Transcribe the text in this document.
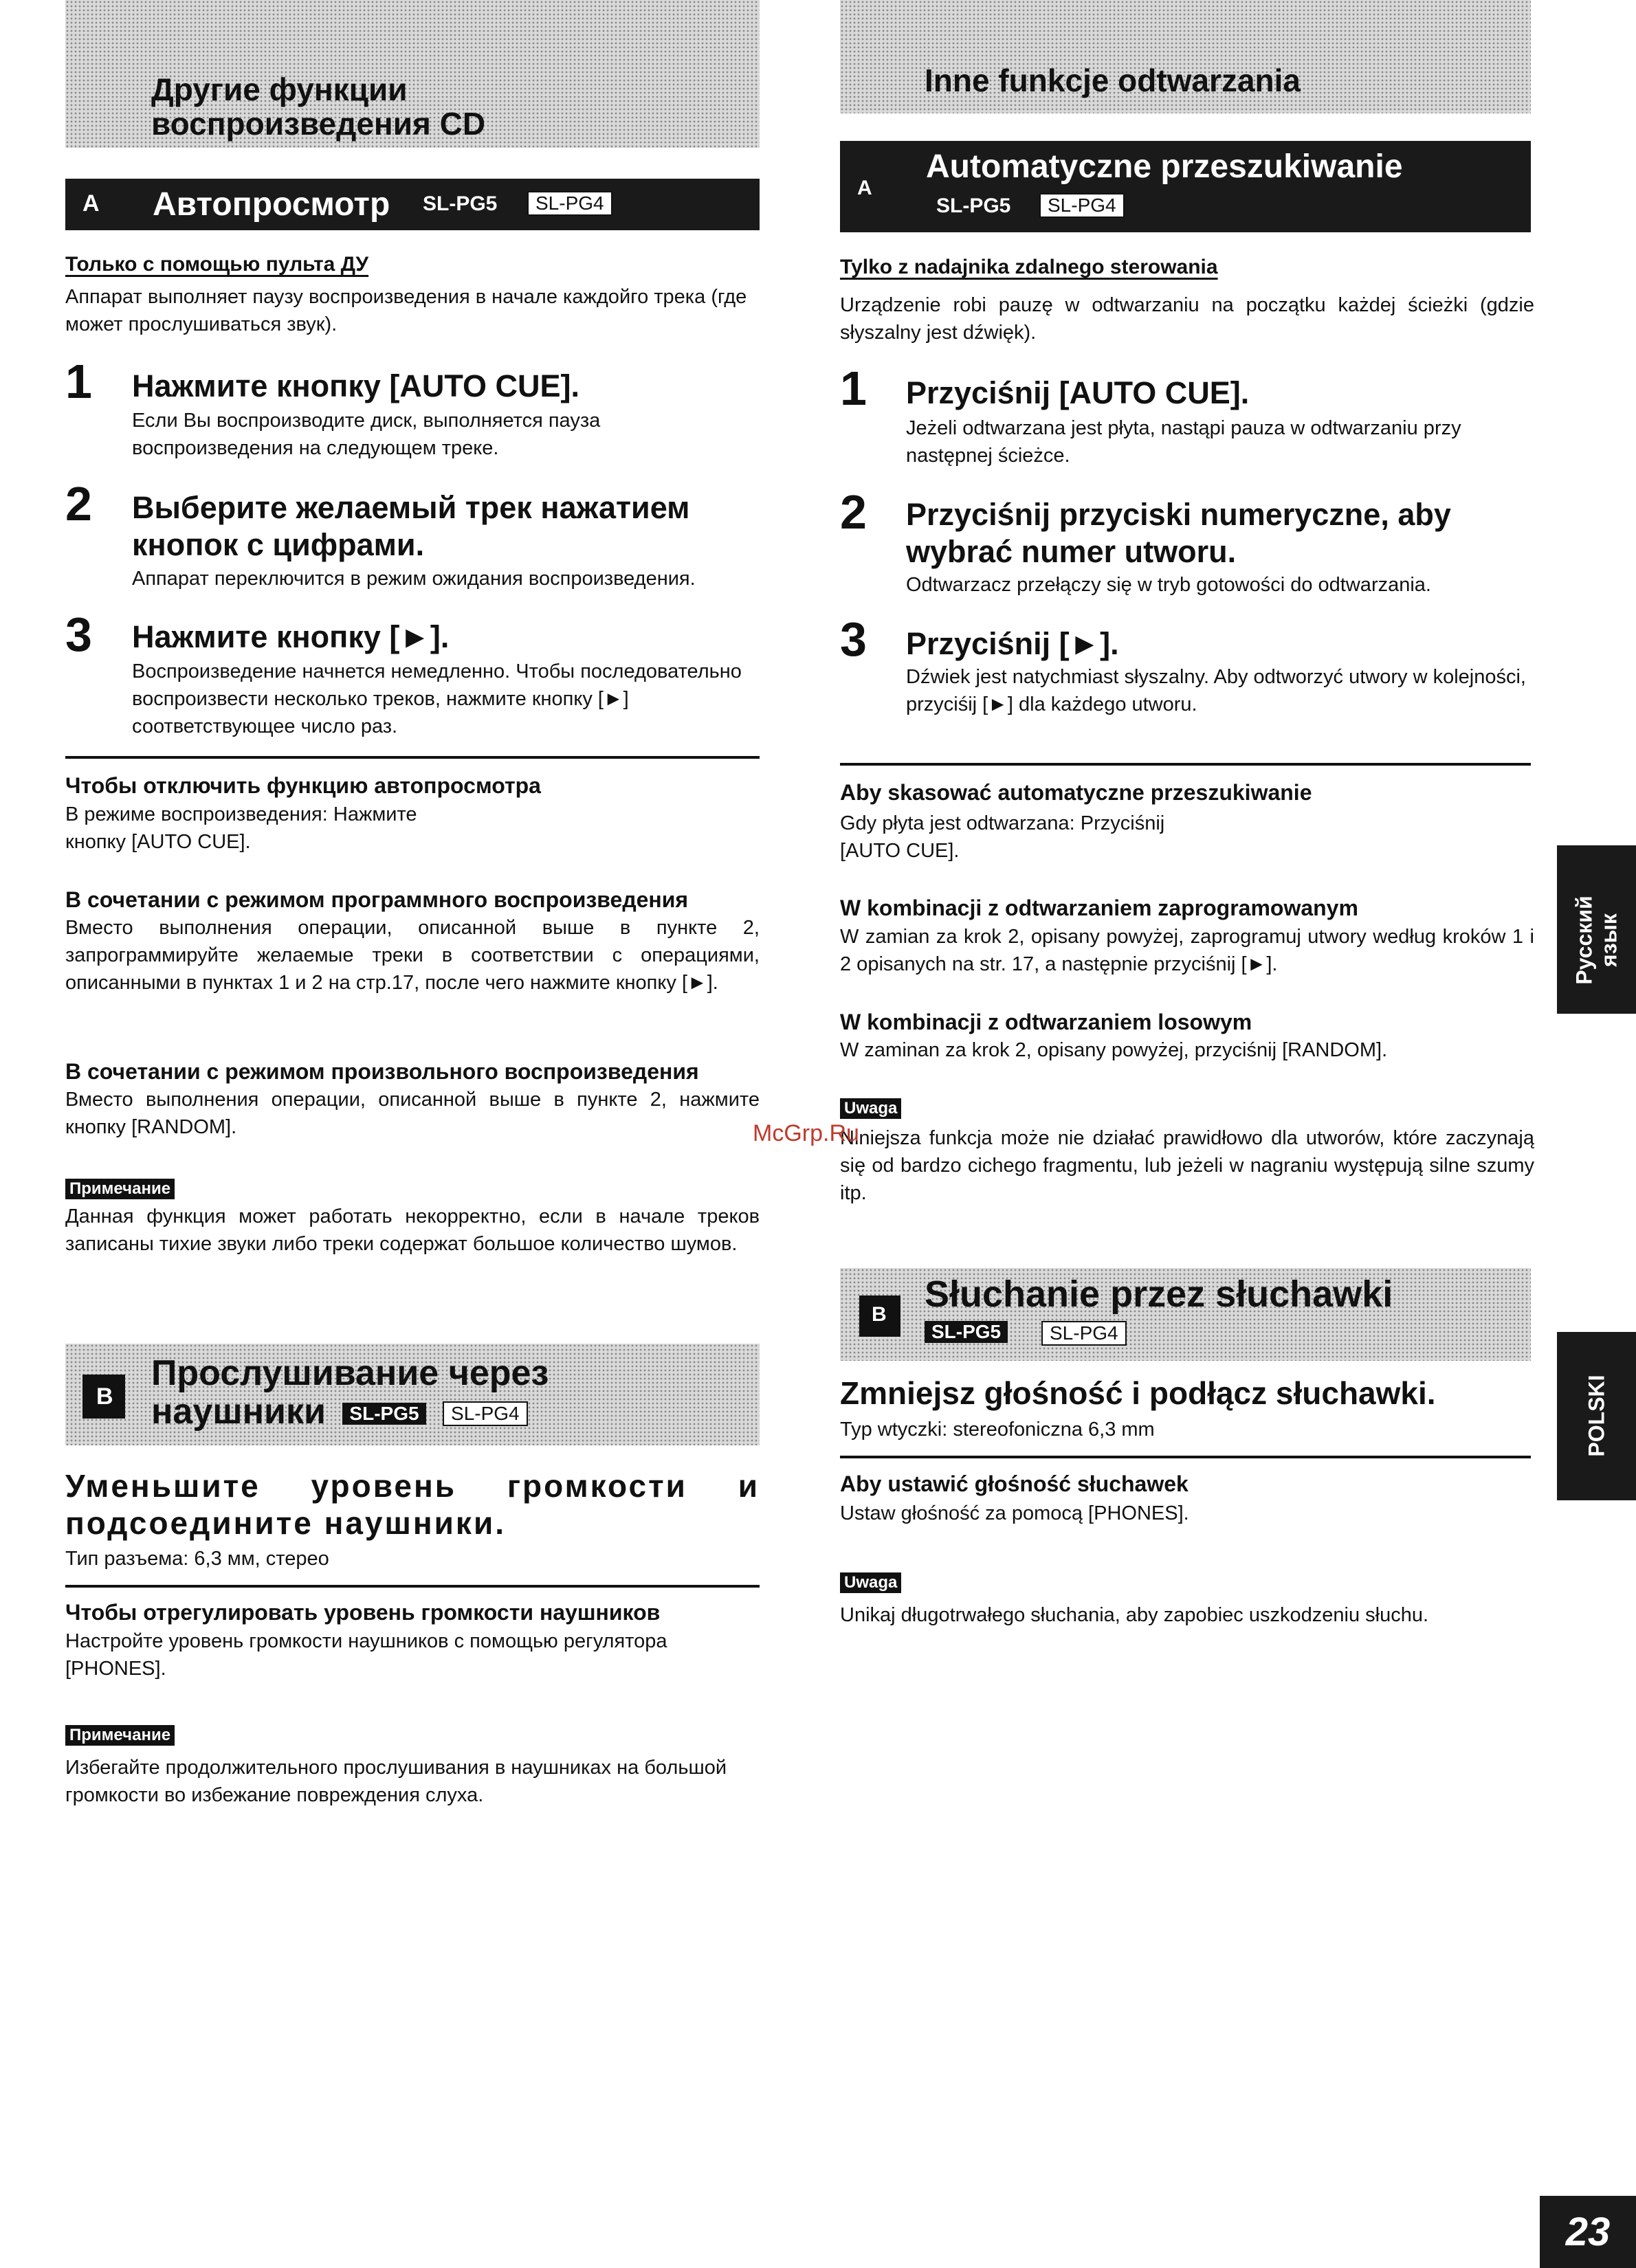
Другие функции
воспроизведения CD
A Автопросмотр SL-PG5	SL-PG4
Только с помощью пульта ДУ
Аппарат выполняет паузу воспроизведения в начале каждойго трека (где может прослушиваться звук).
1 Нажмите кнопку [AUTO CUE].
Если Вы воспроизводите диск, выполняется пауза воспроизведения на следующем треке.
2 Выберите желаемый трек нажатием кнопок с цифрами.
Аппарат переключится в режим ожидания воспроизведения.
3 Нажмите кнопку [►].
Воспроизведение начнется немедленно. Чтобы последовательно воспроизвести несколько треков, нажмите кнопку [►] соответствующее число раз.
Чтобы отключить функцию автопросмотра
В режиме воспроизведения: Нажмите кнопку [AUTO CUE].
В сочетании с режимом программного воспроизведения
Вместо выполнения операции, описанной выше в пункте 2, запрограммируйте желаемые треки в соответствии с операциями, описанными в пунктах 1 и 2 на стр.17, после чего нажмите кнопку [►].
В сочетании с режимом произвольного воспроизведения
Вместо выполнения операции, описанной выше в пункте 2, нажмите кнопку [RANDOM].
Примечание
Данная функция может работать некорректно, если в начале треков записаны тихие звуки либо треки содержат большое количество шумов.
B
Прослушивание через
наушники SL-PG5 SL-PG4
Уменьшите уровень громкости и подсоедините наушники.
Тип разъема: 6,3 мм, стерео
Чтобы отрегулировать уровень громкости наушников
Настройте уровень громкости наушников с помощью регулятора [PHONES].
Примечание
Избегайте продолжительного прослушивания в наушниках на большой громкости во избежание повреждения слуха.
Inne funkcje odtwarzania
A
Automatyczne przeszukiwanie
SL-PG5	SL-PG4
Tylko z nadajnika zdalnego sterowania
Urządzenie robi pauzę w odtwarzaniu na początku każdej ścieżki (gdzie słyszalny jest dźwięk).
1 Przyciśnij [AUTO CUE].
Jeżeli odtwarzana jest płyta, nastąpi pauza w odtwarzaniu przy następnej ścieżce.
2 Przyciśnij przyciski numeryczne, aby wybrać numer utworu.
Odtwarzacz przełączy się w tryb gotowości do odtwarzania.
3 Przyciśnij [►].
Dźwiek jest natychmiast słyszalny. Aby odtworzyć utwory w kolejności, przyciśij [►] dla każdego utworu.
Aby skasować automatyczne przeszukiwanie
Gdy płyta jest odtwarzana: Przyciśnij [AUTO CUE].
W kombinacji z odtwarzaniem zaprogramowanym
W zamian za krok 2, opisany powyżej, zaprogramuj utwory według kroków 1 i 2 opisanych na str. 17, a następnie przyciśnij [►].
W kombinacji z odtwarzaniem losowym
W zaminan za krok 2, opisany powyżej, przyciśnij [RANDOM].
Uwaga
Niniejsza funkcja może nie działać prawidłowo dla utworów, które zaczynają się od bardzo cichego fragmentu, lub jeżeli w nagraniu występują silne szumy itp.
B Słuchanie przez słuchawki
SL-PG5	SL-PG4
Zmniejsz głośność i podłącz słuchawki.
Typ wtyczki: stereofoniczna 6,3 mm
Aby ustawić głośność słuchawek
Ustaw głośność za pomocą [PHONES].
Uwaga
Unikaj długotrwałego słuchania, aby zapobiec uszkodzeniu słuchu.
McGrp.Ru
Русский язык
POLSKI
23
